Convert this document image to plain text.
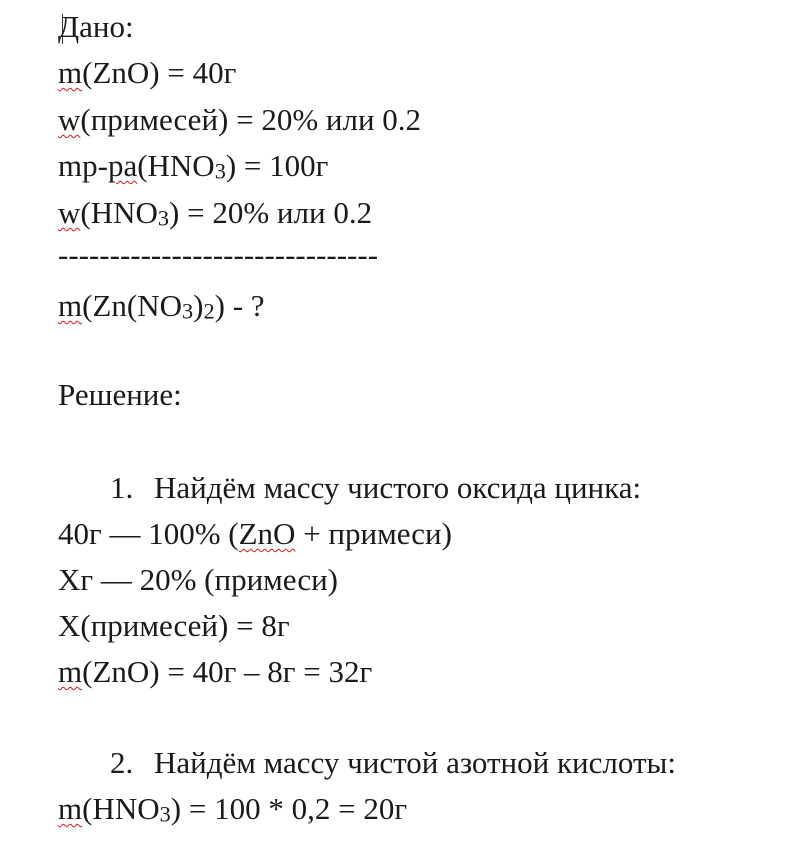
Дано:
m(ZnO) = 40г
w(примесей) = 20% или 0.2
$mр-ра(HNO_3) = 100г$
$w(HNO_3) = 20\%$ или 0.2
-------------------------------
$m(Zn(NO_3)_2)$ - ?
Решение:
1. Найдём массу чистого оксида цинка:
40г — 100% (ZnO + примеси)
Xг — 20% (примеси)
X(примесей) = 8г
m(ZnO) = 40г – 8г = 32г
2. Найдём массу чистой азотной кислоты:
$m(HNO_3) = 100 * 0,2 = 20г$
